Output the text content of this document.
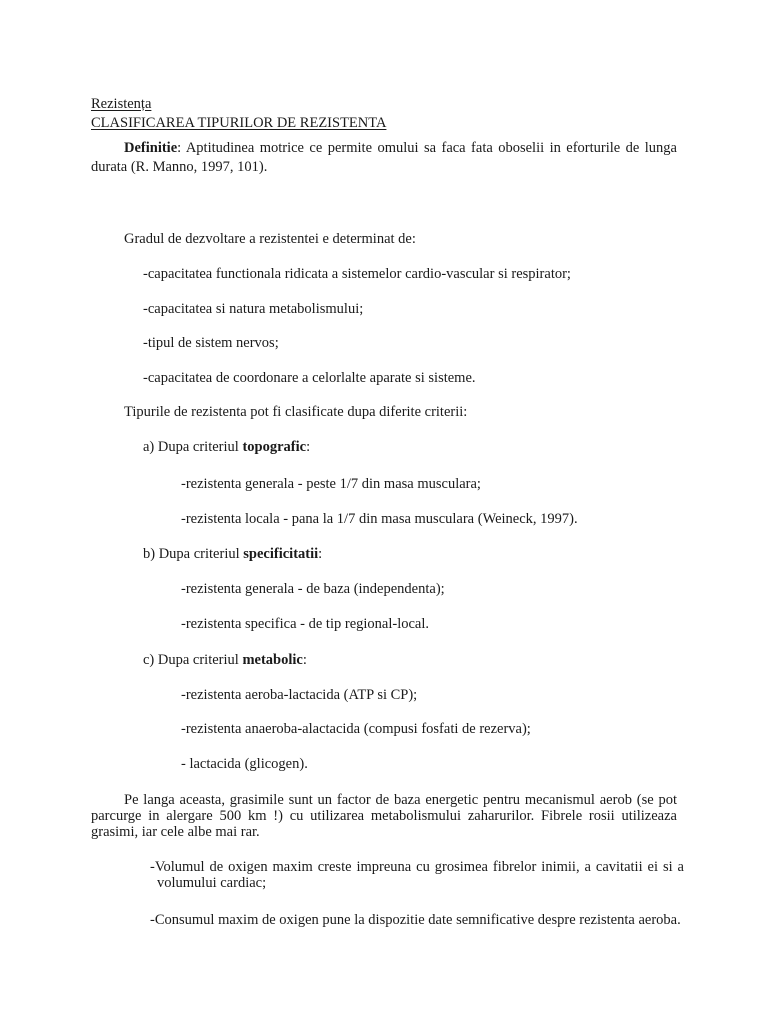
Rezistența
CLASIFICAREA TIPURILOR DE REZISTENTA
Definitie: Aptitudinea motrice ce permite omului sa faca fata oboselii in eforturile de lunga durata (R. Manno, 1997, 101).
Gradul de dezvoltare a rezistentei e determinat de:
-capacitatea functionala ridicata a sistemelor cardio-vascular si respirator;
-capacitatea si natura metabolismului;
-tipul de sistem nervos;
-capacitatea de coordonare a celorlalte aparate si sisteme.
Tipurile de rezistenta pot fi clasificate dupa diferite criterii:
a) Dupa criteriul topografic:
-rezistenta generala - peste 1/7 din masa musculara;
-rezistenta locala - pana la 1/7 din masa musculara (Weineck, 1997).
b) Dupa criteriul specificitatii:
-rezistenta generala - de baza (independenta);
-rezistenta specifica - de tip regional-local.
c) Dupa criteriul metabolic:
-rezistenta aeroba-lactacida (ATP si CP);
-rezistenta anaeroba-alactacida (compusi fosfati de rezerva);
- lactacida (glicogen).
Pe langa aceasta, grasimile sunt un factor de baza energetic pentru mecanismul aerob (se pot parcurge in alergare 500 km !) cu utilizarea metabolismului zaharurilor. Fibrele rosii utilizeaza grasimi, iar cele albe mai rar.
-Volumul de oxigen maxim creste impreuna cu grosimea fibrelor inimii, a cavitatii ei si a volumului cardiac;
-Consumul maxim de oxigen pune la dispozitie date semnificative despre rezistenta aeroba.
